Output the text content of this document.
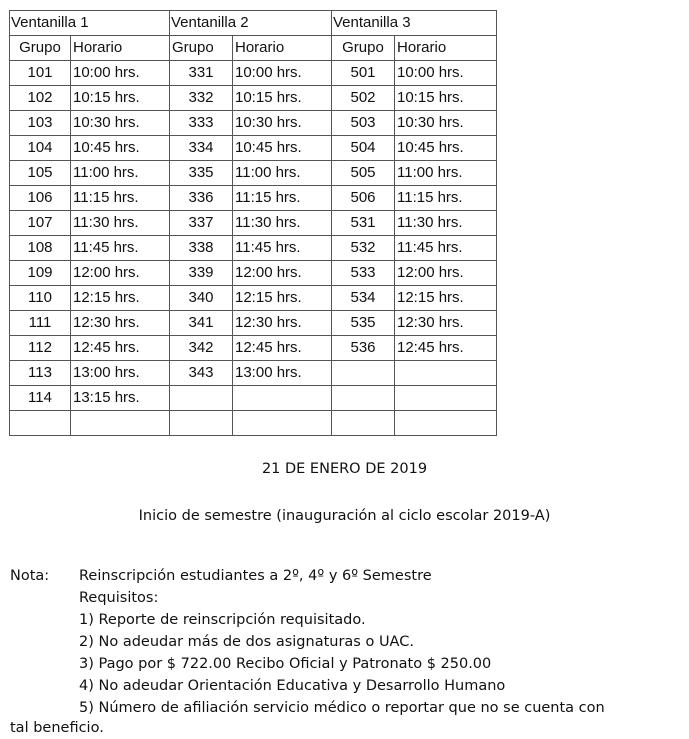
Ventanilla 1		Ventanilla 2		Ventanilla 3	
Grupo	Horario	Grupo	Horario	Grupo	Horario
101	10:00 hrs.	331	10:00 hrs.	501	10:00 hrs.
102	10:15 hrs.	332	10:15 hrs.	502	10:15 hrs.
103	10:30 hrs.	333	10:30 hrs.	503	10:30 hrs.
104	10:45 hrs.	334	10:45 hrs.	504	10:45 hrs.
105	11:00 hrs.	335	11:00 hrs.	505	11:00 hrs.
106	11:15 hrs.	336	11:15 hrs.	506	11:15 hrs.
107	11:30 hrs.	337	11:30 hrs.	531	11:30 hrs.
108	11:45 hrs.	338	11:45 hrs.	532	11:45 hrs.
109	12:00 hrs.	339	12:00 hrs.	533	12:00 hrs.
110	12:15 hrs.	340	12:15 hrs.	534	12:15 hrs.
111	12:30 hrs.	341	12:30 hrs.	535	12:30 hrs.
112	12:45 hrs.	342	12:45 hrs.	536	12:45 hrs.
113	13:00 hrs.	343	13:00 hrs.		
114	13:15 hrs.				

21 DE ENERO DE 2019
Inicio de semestre (inauguración al ciclo escolar 2019-A)
Nota: Reinscripción estudiantes a 2º, 4º y 6º Semestre
Requisitos:
1) Reporte de reinscripción requisitado.
2) No adeudar más de dos asignaturas o UAC.
3) Pago por $ 722.00 Recibo Oficial y Patronato $ 250.00
4) No adeudar Orientación Educativa y Desarrollo Humano
5) Número de afiliación servicio médico o reportar que no se cuenta con
tal beneficio.
